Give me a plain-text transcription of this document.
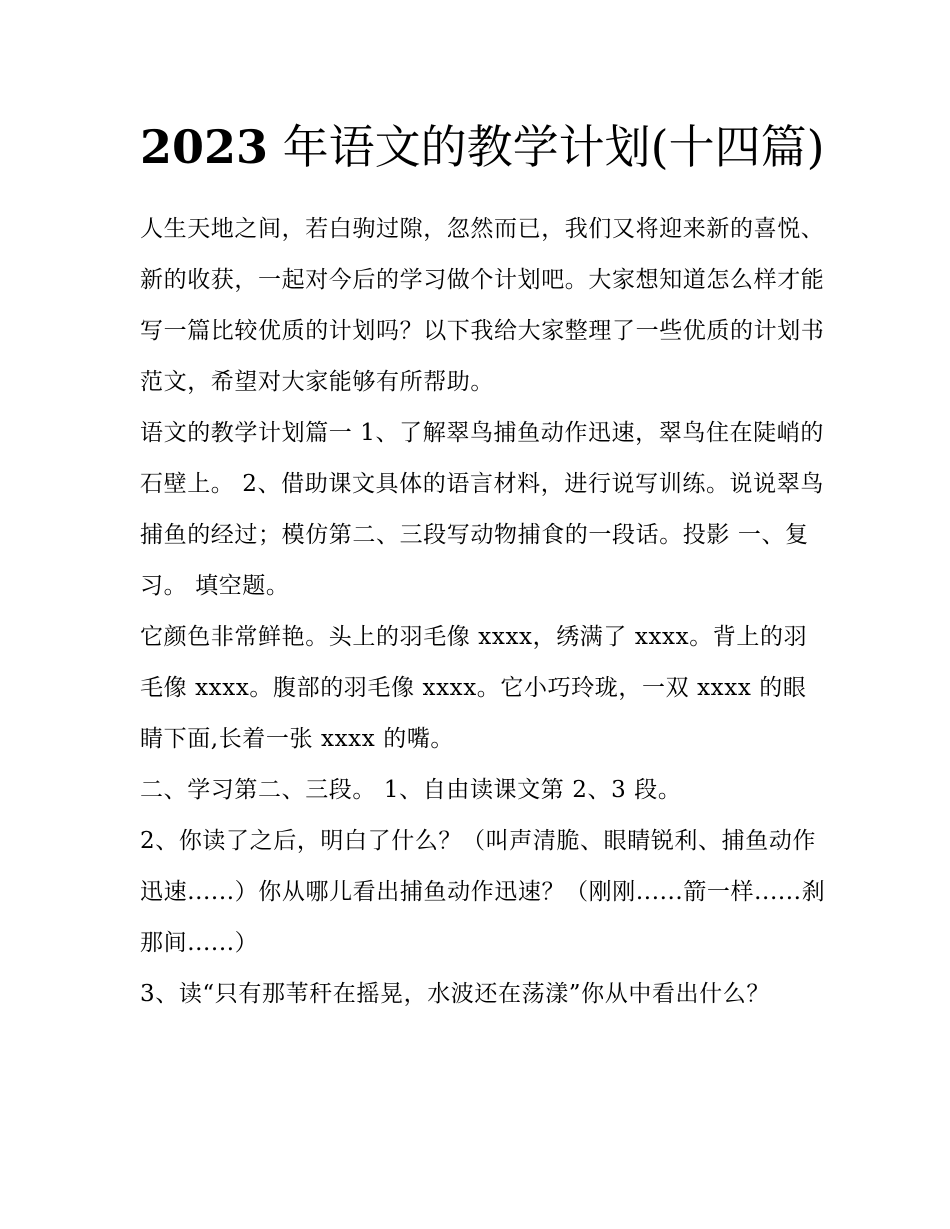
2023 年语文的教学计划(十四篇)

人生天地之间，若白驹过隙，忽然而已，我们又将迎来新的喜悦、新的收获，一起对今后的学习做个计划吧。大家想知道怎么样才能写一篇比较优质的计划吗？以下我给大家整理了一些优质的计划书范文，希望对大家能够有所帮助。

语文的教学计划篇一 1、了解翠鸟捕鱼动作迅速，翠鸟住在陡峭的石壁上。 2、借助课文具体的语言材料，进行说写训练。说说翠鸟捕鱼的经过；模仿第二、三段写动物捕食的一段话。投影 一、复习。 填空题。

它颜色非常鲜艳。头上的羽毛像 xxxx，绣满了 xxxx。背上的羽毛像 xxxx。腹部的羽毛像 xxxx。它小巧玲珑，一双 xxxx 的眼睛下面,长着一张 xxxx 的嘴。

二、学习第二、三段。 1、自由读课文第 2、3 段。

2、你读了之后，明白了什么？（叫声清脆、眼睛锐利、捕鱼动作迅速......）你从哪儿看出捕鱼动作迅速？（刚刚......箭一样......刹那间......）

3、读“只有那苇秆在摇晃，水波还在荡漾”你从中看出什么？
